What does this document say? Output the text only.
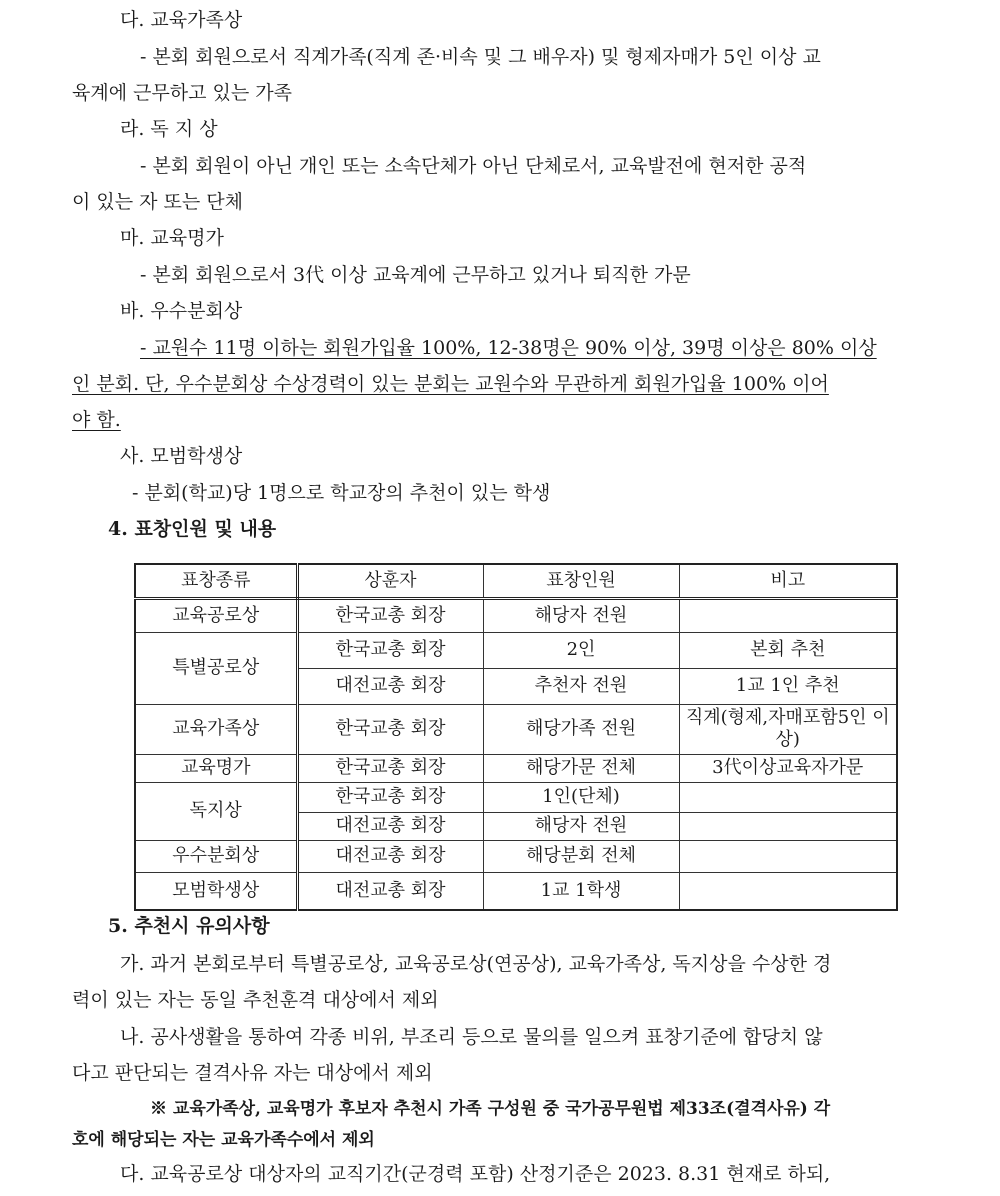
다. 교육가족상
- 본회 회원으로서 직계가족(직계 존·비속 및 그 배우자) 및 형제자매가 5인 이상 교
육계에 근무하고 있는 가족
라. 독 지 상
- 본회 회원이 아닌 개인 또는 소속단체가 아닌 단체로서, 교육발전에 현저한 공적
이 있는 자 또는 단체
마. 교육명가
- 본회 회원으로서 3代 이상 교육계에 근무하고 있거나 퇴직한 가문
바. 우수분회상
- 교원수 11명 이하는 회원가입율 100%, 12-38명은 90% 이상, 39명 이상은 80% 이상
인 분회. 단, 우수분회상 수상경력이 있는 분회는 교원수와 무관하게 회원가입율 100% 이어
야 함.
사. 모범학생상
- 분회(학교)당 1명으로 학교장의 추천이 있는 학생
4. 표창인원 및 내용
표창종류	상훈자	표창인원	비고
교육공로상	한국교총 회장	해당자 전원	
특별공로상	한국교총 회장	2인	본회 추천
	대전교총 회장	추천자 전원	1교 1인 추천
교육가족상	한국교총 회장	해당가족 전원	직계(형제,자매포함5인 이상)
교육명가	한국교총 회장	해당가문 전체	3代이상교육자가문
독지상	한국교총 회장	1인(단체)	
	대전교총 회장	해당자 전원	
우수분회상	대전교총 회장	해당분회 전체	
모범학생상	대전교총 회장	1교 1학생	
5. 추천시 유의사항
가. 과거 본회로부터 특별공로상, 교육공로상(연공상), 교육가족상, 독지상을 수상한 경
력이 있는 자는 동일 추천훈격 대상에서 제외
나. 공사생활을 통하여 각종 비위, 부조리 등으로 물의를 일으켜 표창기준에 합당치 않
다고 판단되는 결격사유 자는 대상에서 제외
※ 교육가족상, 교육명가 후보자 추천시 가족 구성원 중 국가공무원법 제33조(결격사유) 각
호에 해당되는 자는 교육가족수에서 제외
다. 교육공로상 대상자의 교직기간(군경력 포함) 산정기준은 2023. 8.31 현재로 하되,
